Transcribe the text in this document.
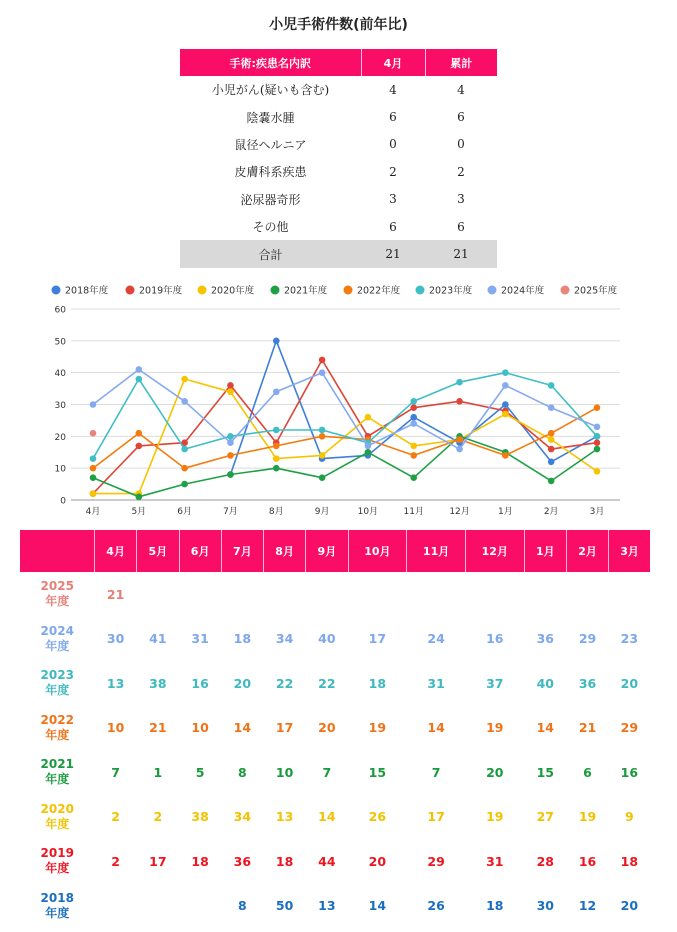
小児手術件数(前年比)
手術:疾患名内訳	4月	累計
小児がん(疑いも含む)	4	4
陰嚢水腫	6	6
鼠径ヘルニア	0	0
皮膚科系疾患	2	2
泌尿器奇形	3	3
その他	6	6
合計	21	21
0
10
20
30
40
50
60
4月	5月	6月	7月	8月	9月	10月	11月	12月	1月	2月	3月
2018年度	2019年度	2020年度	2021年度	2022年度	2023年度	2024年度	2025年度
	4月	5月	6月	7月	8月	9月	10月	11月	12月	1月	2月	3月
2025
年度	21											
2024
年度	30	41	31	18	34	40	17	24	16	36	29	23
2023
年度	13	38	16	20	22	22	18	31	37	40	36	20
2022
年度	10	21	10	14	17	20	19	14	19	14	21	29
2021
年度	7	1	5	8	10	7	15	7	20	15	6	16
2020
年度	2	2	38	34	13	14	26	17	19	27	19	9
2019
年度	2	17	18	36	18	44	20	29	31	28	16	18
2018
年度				8	50	13	14	26	18	30	12	20
